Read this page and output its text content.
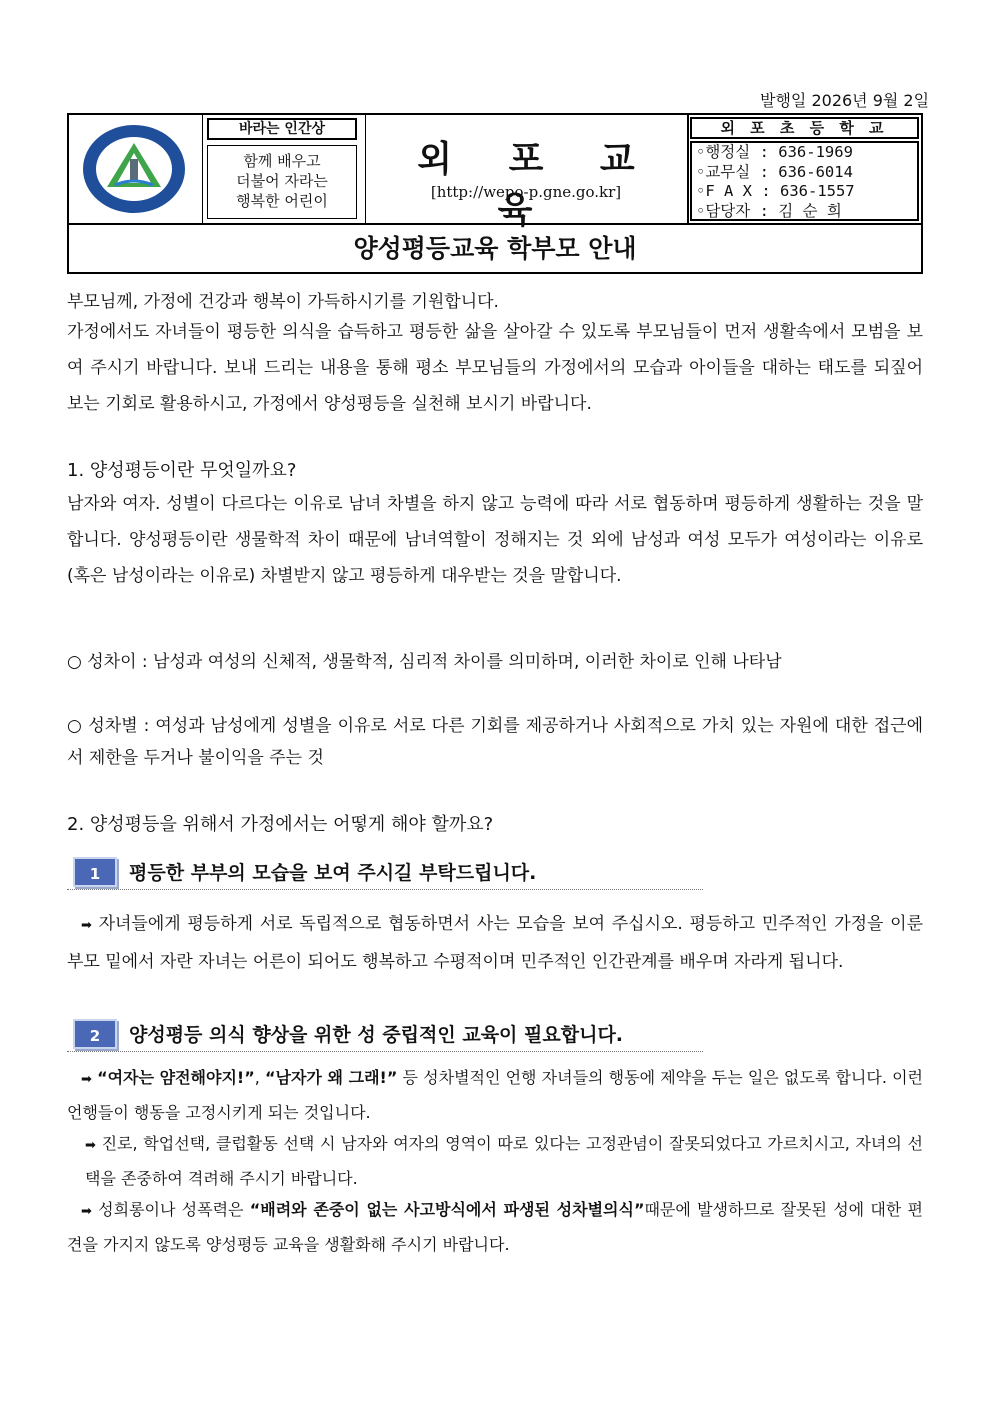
발행일 2026년 9월 2일
바라는 인간상
함께 배우고
더불어 자라는
행복한 어린이
외 포 교 육
[http://wepo-p.gne.go.kr]
외 포 초 등 학 교
◦행정실 : 636-1969
◦교무실 : 636-6014
◦F A X : 636-1557
◦담당자 : 김 순 희
양성평등교육 학부모 안내
부모님께, 가정에 건강과 행복이 가득하시기를 기원합니다.
가정에서도 자녀들이 평등한 의식을 습득하고 평등한 삶을 살아갈 수 있도록 부모님들이 먼저 생활속에서 모범을 보여 주시기 바랍니다. 보내 드리는 내용을 통해 평소 부모님들의 가정에서의 모습과 아이들을 대하는 태도를 되짚어 보는 기회로 활용하시고, 가정에서 양성평등을 실천해 보시기 바랍니다.
1. 양성평등이란 무엇일까요?
남자와 여자. 성별이 다르다는 이유로 남녀 차별을 하지 않고 능력에 따라 서로 협동하며 평등하게 생활하는 것을 말합니다. 양성평등이란 생물학적 차이 때문에 남녀역할이 정해지는 것 외에 남성과 여성 모두가 여성이라는 이유로 (혹은 남성이라는 이유로) 차별받지 않고 평등하게 대우받는 것을 말합니다.
○ 성차이 : 남성과 여성의 신체적, 생물학적, 심리적 차이를 의미하며, 이러한 차이로 인해 나타남
○ 성차별 : 여성과 남성에게 성별을 이유로 서로 다른 기회를 제공하거나 사회적으로 가치 있는 자원에 대한 접근에서 제한을 두거나 불이익을 주는 것
2. 양성평등을 위해서 가정에서는 어떻게 해야 할까요?
1	평등한 부부의 모습을 보여 주시길 부탁드립니다.
➡ 자녀들에게 평등하게 서로 독립적으로 협동하면서 사는 모습을 보여 주십시오. 평등하고 민주적인 가정을 이룬 부모 밑에서 자란 자녀는 어른이 되어도 행복하고 수평적이며 민주적인 인간관계를 배우며 자라게 됩니다.
2	양성평등 의식 향상을 위한 성 중립적인 교육이 필요합니다.
➡ “여자는 얌전해야지!”, “남자가 왜 그래!” 등 성차별적인 언행 자녀들의 행동에 제약을 두는 일은 없도록 합니다. 이런 언행들이 행동을 고정시키게 되는 것입니다.
➡ 진로, 학업선택, 클럽활동 선택 시 남자와 여자의 영역이 따로 있다는 고정관념이 잘못되었다고 가르치시고, 자녀의 선택을 존중하여 격려해 주시기 바랍니다.
➡ 성희롱이나 성폭력은 “배려와 존중이 없는 사고방식에서 파생된 성차별의식”때문에 발생하므로 잘못된 성에 대한 편견을 가지지 않도록 양성평등 교육을 생활화해 주시기 바랍니다.
